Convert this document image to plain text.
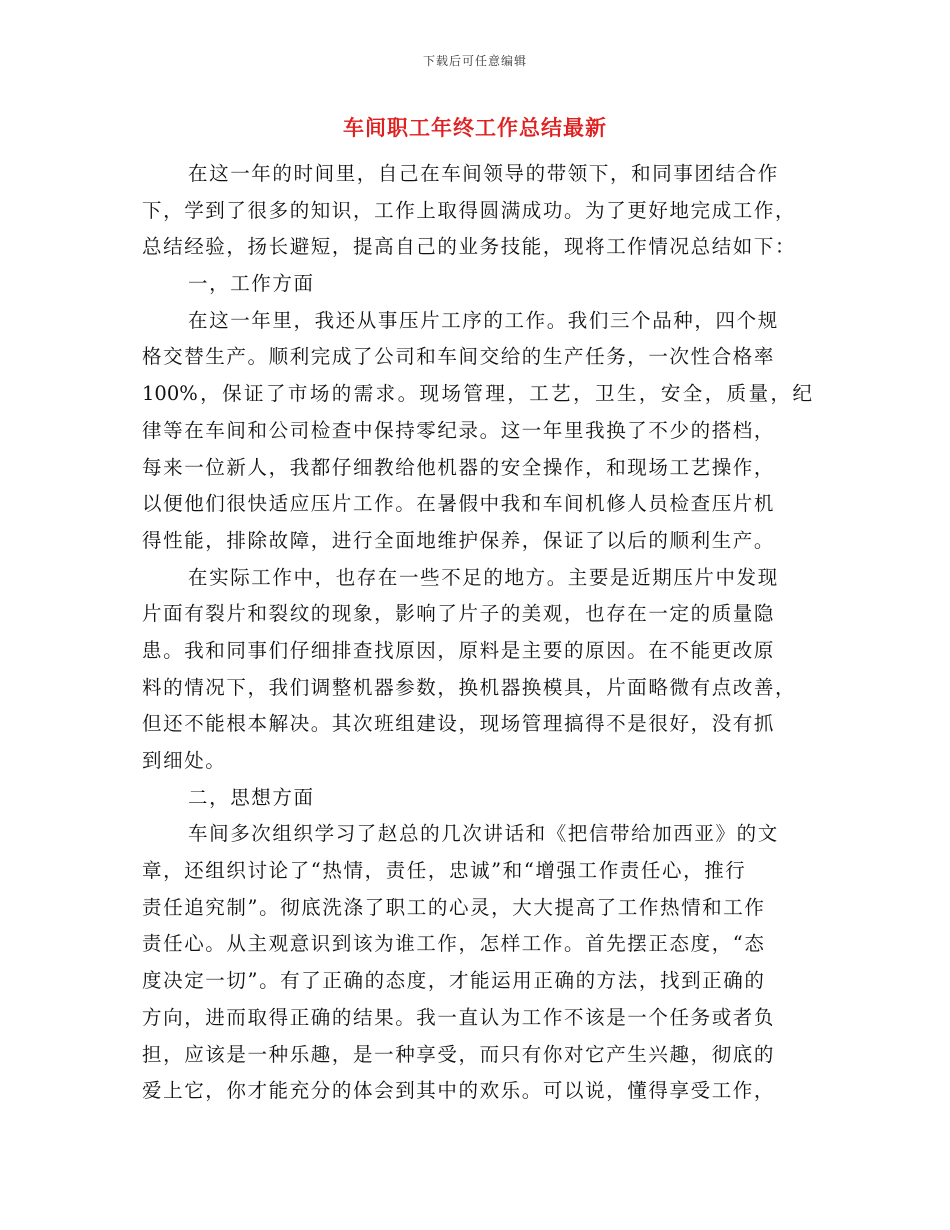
下载后可任意编辑
车间职工年终工作总结最新
在这一年的时间里，自己在车间领导的带领下，和同事团结合作
下，学到了很多的知识，工作上取得圆满成功。为了更好地完成工作，
总结经验，扬长避短，提高自己的业务技能，现将工作情况总结如下：
一，工作方面
在这一年里，我还从事压片工序的工作。我们三个品种，四个规
格交替生产。顺利完成了公司和车间交给的生产任务，一次性合格率
100%，保证了市场的需求。现场管理，工艺，卫生，安全，质量，纪
律等在车间和公司检查中保持零纪录。这一年里我换了不少的搭档，
每来一位新人，我都仔细教给他机器的安全操作，和现场工艺操作，
以便他们很快适应压片工作。在暑假中我和车间机修人员检查压片机
得性能，排除故障，进行全面地维护保养，保证了以后的顺利生产。
在实际工作中，也存在一些不足的地方。主要是近期压片中发现
片面有裂片和裂纹的现象，影响了片子的美观，也存在一定的质量隐
患。我和同事们仔细排查找原因，原料是主要的原因。在不能更改原
料的情况下，我们调整机器参数，换机器换模具，片面略微有点改善，
但还不能根本解决。其次班组建设，现场管理搞得不是很好，没有抓
到细处。
二，思想方面
车间多次组织学习了赵总的几次讲话和《把信带给加西亚》的文
章，还组织讨论了“热情，责任，忠诚”和“增强工作责任心，推行
责任追究制”。彻底洗涤了职工的心灵，大大提高了工作热情和工作
责任心。从主观意识到该为谁工作，怎样工作。首先摆正态度，“态
度决定一切”。有了正确的态度，才能运用正确的方法，找到正确的
方向，进而取得正确的结果。我一直认为工作不该是一个任务或者负
担，应该是一种乐趣，是一种享受，而只有你对它产生兴趣，彻底的
爱上它，你才能充分的体会到其中的欢乐。可以说，懂得享受工作，
